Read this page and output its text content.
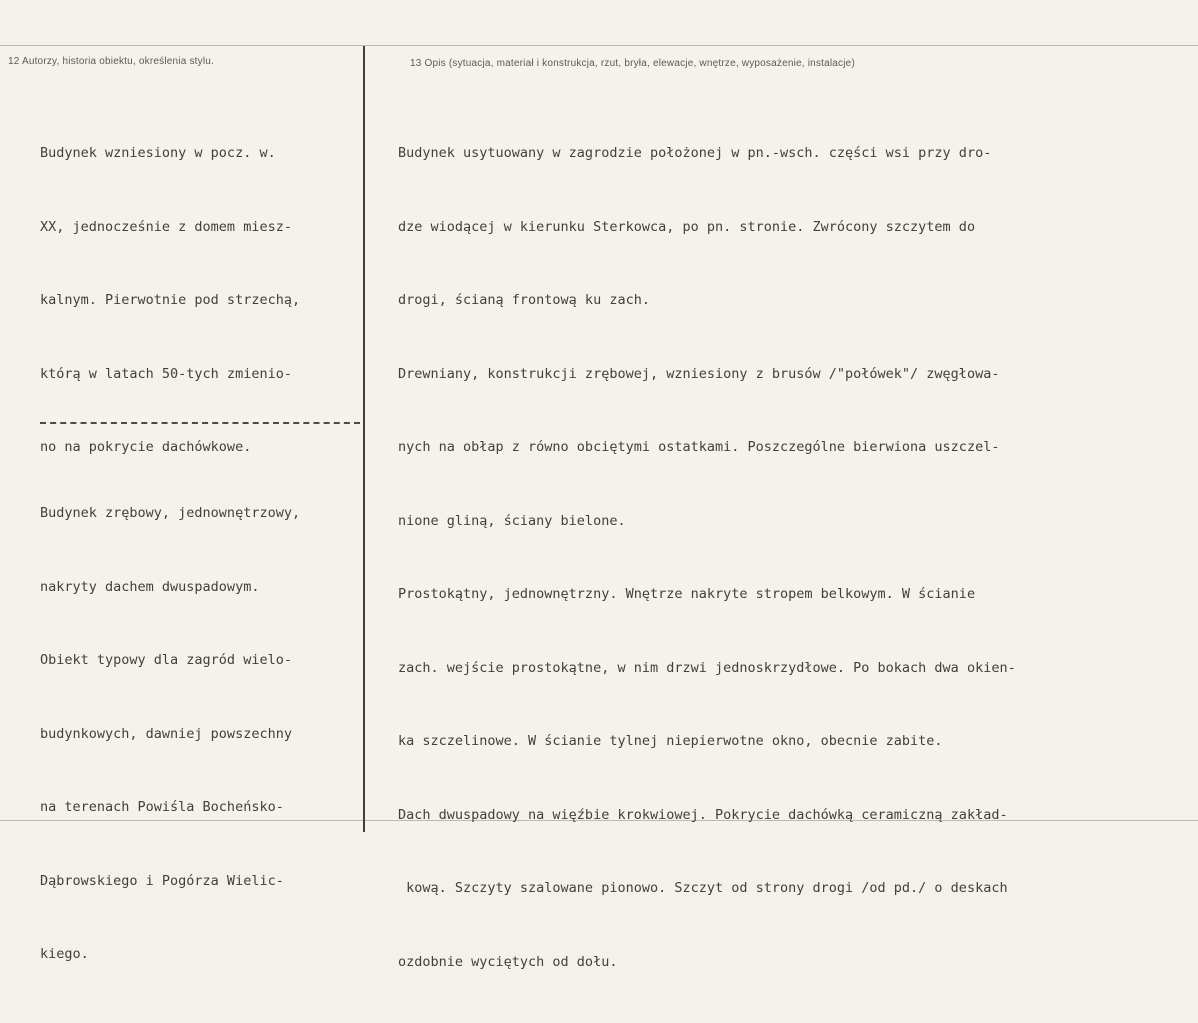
12 Autorzy, historia obiektu, określenia stylu.	13 Opis (sytuacja, materiał i konstrukcja, rzut, bryła, elewacje, wnętrze, wyposażenie, instalacje)

Budynek wzniesiony w pocz. w.

XX, jednocześnie z domem miesz-

kalnym. Pierwotnie pod strzechą,

którą w latach 50-tych zmienio-

no na pokrycie dachówkowe.

Budynek zrębowy, jednownętrzowy,

nakryty dachem dwuspadowym.

Obiekt typowy dla zagród wielo-

budynkowych, dawniej powszechny

na terenach Powiśla Bocheńsko-

Dąbrowskiego i Pogórza Wielic-

kiego.

Budynek usytuowany w zagrodzie położonej w pn.-wsch. części wsi przy dro-

dze wiodącej w kierunku Sterkowca, po pn. stronie. Zwrócony szczytem do

drogi, ścianą frontową ku zach.

Drewniany, konstrukcji zrębowej, wzniesiony z brusów /"połówek"/ zwęgłowa-

nych na obłap z równo obciętymi ostatkami. Poszczególne bierwiona uszczel-

nione gliną, ściany bielone.

Prostokątny, jednownętrzny. Wnętrze nakryte stropem belkowym. W ścianie

zach. wejście prostokątne, w nim drzwi jednoskrzydłowe. Po bokach dwa okien-

ka szczelinowe. W ścianie tylnej niepierwotne okno, obecnie zabite.

Dach dwuspadowy na więźbie krokwiowej. Pokrycie dachówką ceramiczną zakład-

kową. Szczyty szalowane pionowo. Szczyt od strony drogi /od pd./ o deskach

ozdobnie wyciętych od dołu.
